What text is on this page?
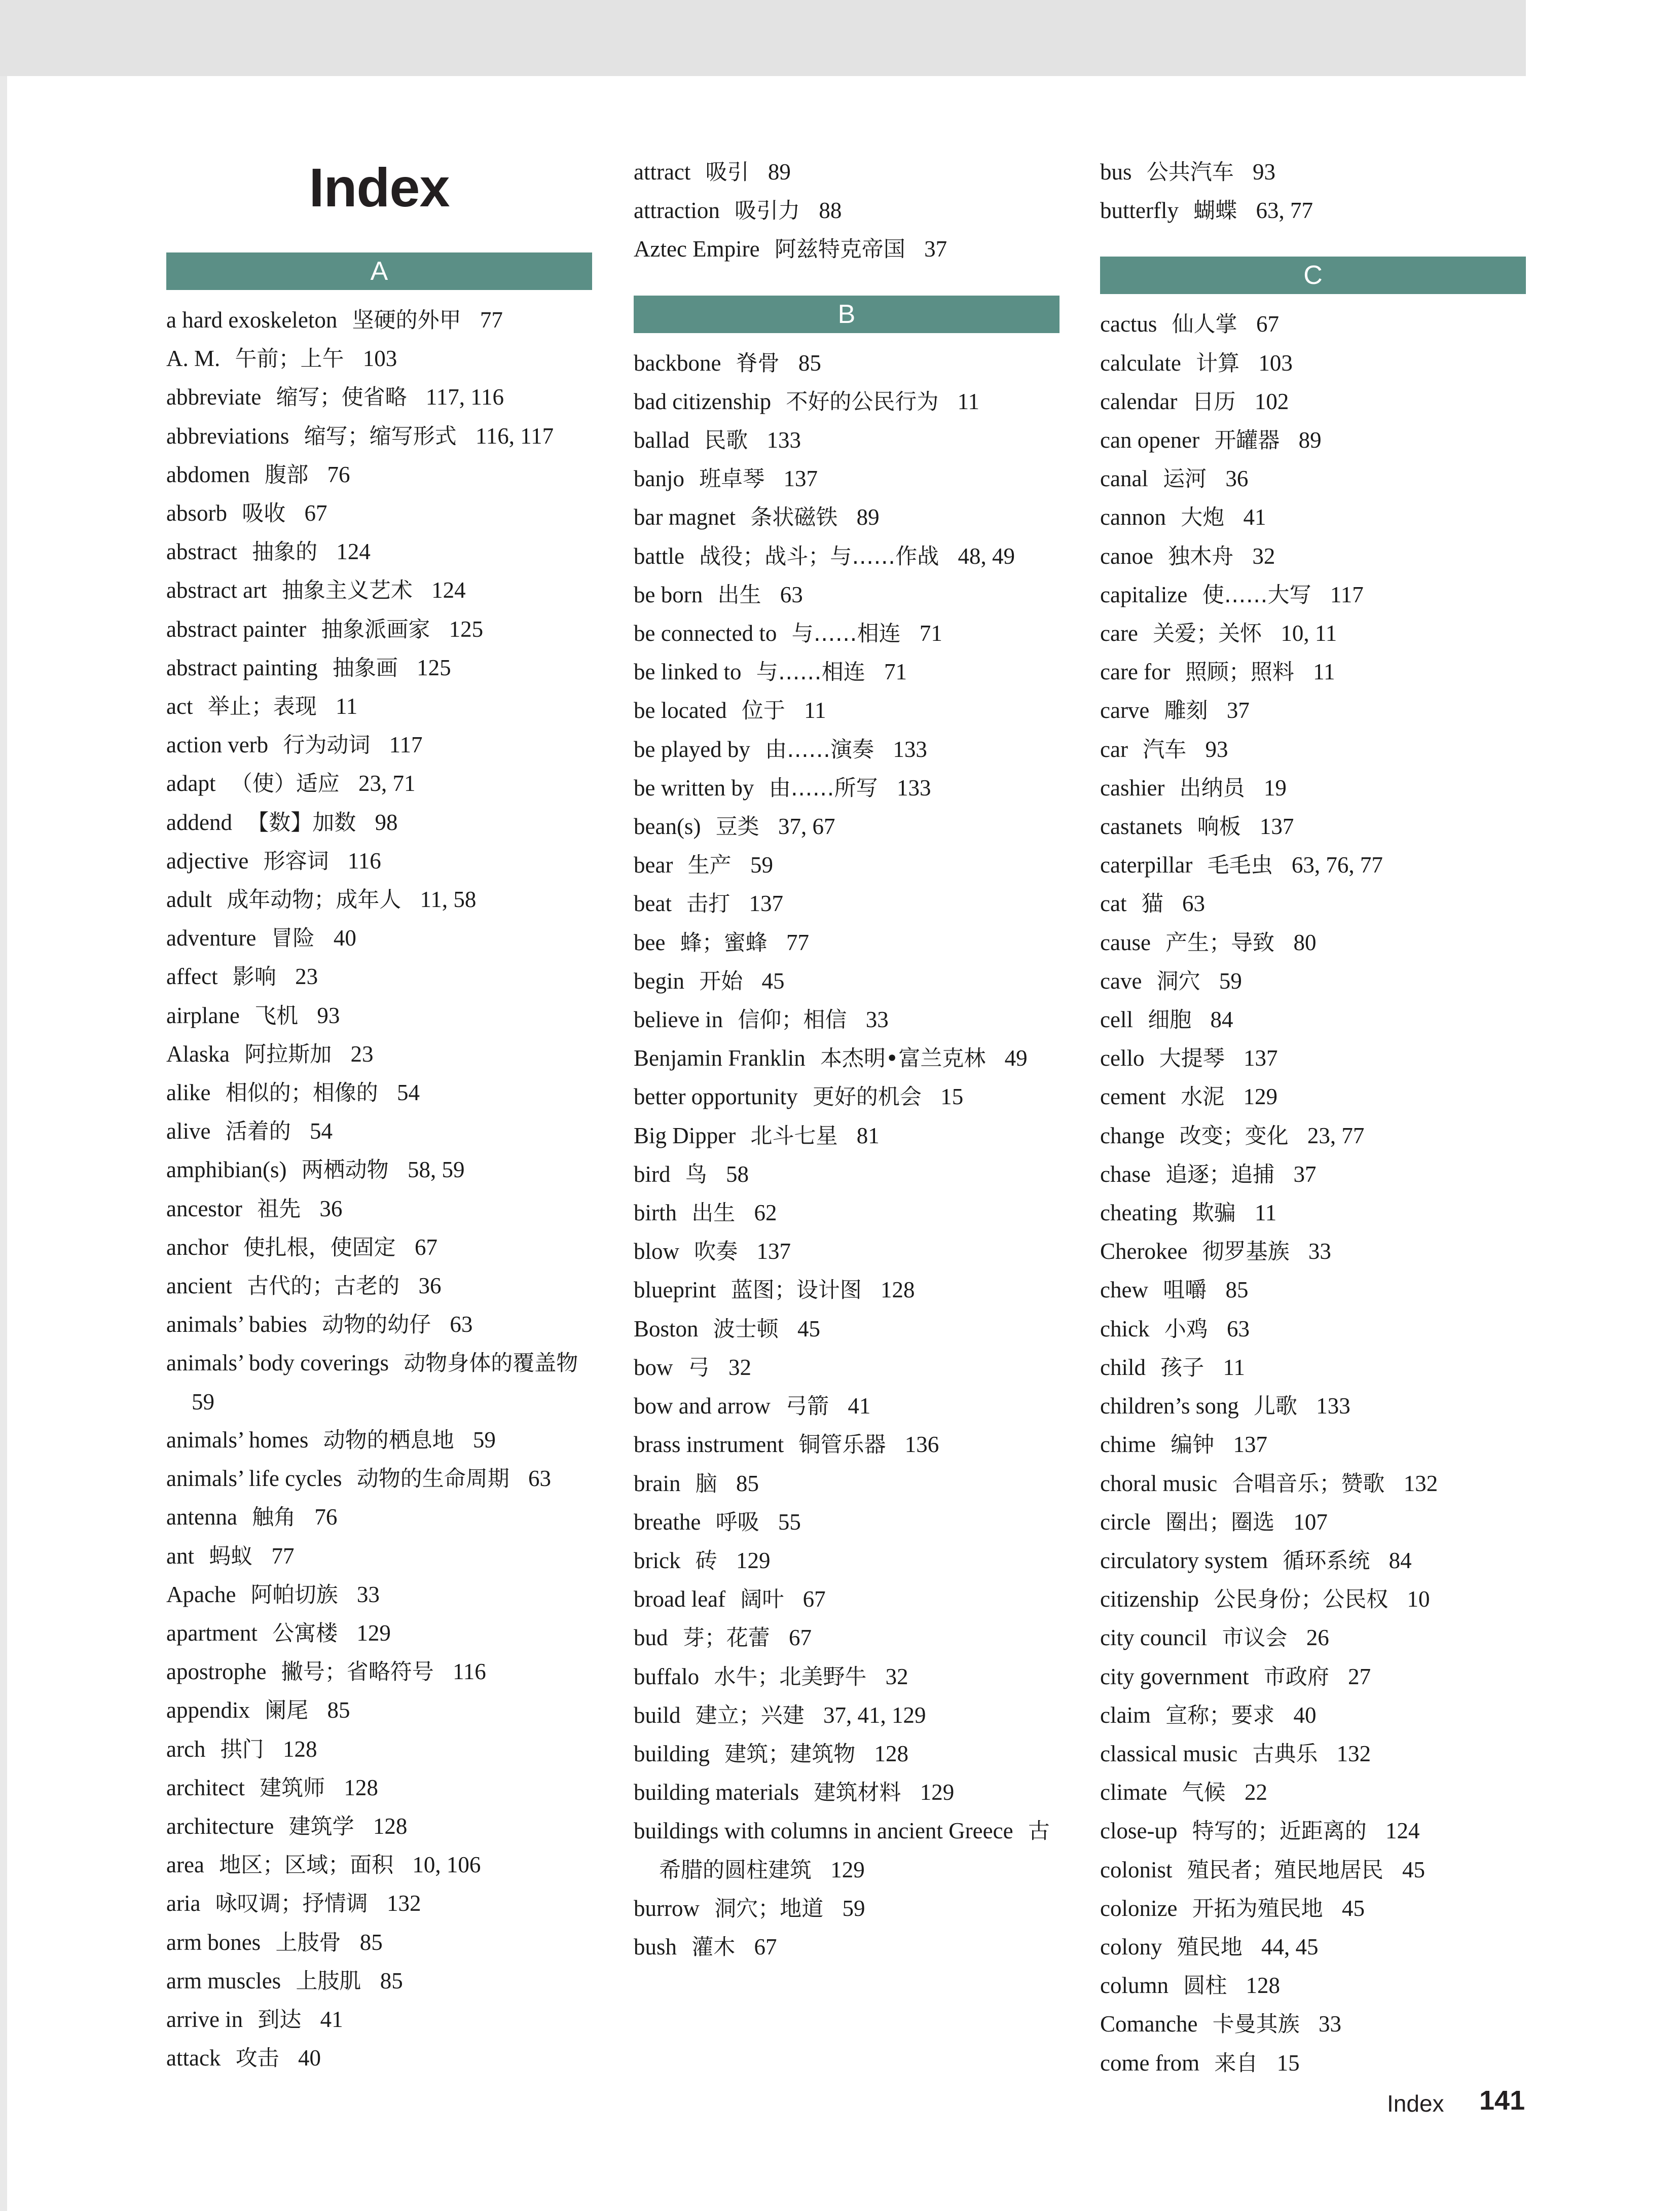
Index
A
a hard exoskeleton 坚硬的外甲 77
A. M. 午前；上午 103
abbreviate 缩写；使省略 117, 116
abbreviations 缩写；缩写形式 116, 117
abdomen 腹部 76
absorb 吸收 67
abstract 抽象的 124
abstract art 抽象主义艺术 124
abstract painter 抽象派画家 125
abstract painting 抽象画 125
act 举止；表现 11
action verb 行为动词 117
adapt （使）适应 23, 71
addend 【数】加数 98
adjective 形容词 116
adult 成年动物；成年人 11, 58
adventure 冒险 40
affect 影响 23
airplane 飞机 93
Alaska 阿拉斯加 23
alike 相似的；相像的 54
alive 活着的 54
amphibian(s) 两栖动物 58, 59
ancestor 祖先 36
anchor 使扎根，使固定 67
ancient 古代的；古老的 36
animals’ babies 动物的幼仔 63
animals’ body coverings 动物身体的覆盖物 59
animals’ homes 动物的栖息地 59
animals’ life cycles 动物的生命周期 63
antenna 触角 76
ant 蚂蚁 77
Apache 阿帕切族 33
apartment 公寓楼 129
apostrophe 撇号；省略符号 116
appendix 阑尾 85
arch 拱门 128
architect 建筑师 128
architecture 建筑学 128
area 地区；区域；面积 10, 106
aria 咏叹调；抒情调 132
arm bones 上肢骨 85
arm muscles 上肢肌 85
arrive in 到达 41
attack 攻击 40
attract 吸引 89
attraction 吸引力 88
Aztec Empire 阿兹特克帝国 37
B
backbone 脊骨 85
bad citizenship 不好的公民行为 11
ballad 民歌 133
banjo 班卓琴 137
bar magnet 条状磁铁 89
battle 战役；战斗；与……作战 48, 49
be born 出生 63
be connected to 与……相连 71
be linked to 与……相连 71
be located 位于 11
be played by 由……演奏 133
be written by 由……所写 133
bean(s) 豆类 37, 67
bear 生产 59
beat 击打 137
bee 蜂；蜜蜂 77
begin 开始 45
believe in 信仰；相信 33
Benjamin Franklin 本杰明•富兰克林 49
better opportunity 更好的机会 15
Big Dipper 北斗七星 81
bird 鸟 58
birth 出生 62
blow 吹奏 137
blueprint 蓝图；设计图 128
Boston 波士顿 45
bow 弓 32
bow and arrow 弓箭 41
brass instrument 铜管乐器 136
brain 脑 85
breathe 呼吸 55
brick 砖 129
broad leaf 阔叶 67
bud 芽；花蕾 67
buffalo 水牛；北美野牛 32
build 建立；兴建 37, 41, 129
building 建筑；建筑物 128
building materials 建筑材料 129
buildings with columns in ancient Greece 古希腊的圆柱建筑 129
burrow 洞穴；地道 59
bush 灌木 67
bus 公共汽车 93
butterfly 蝴蝶 63, 77
C
cactus 仙人掌 67
calculate 计算 103
calendar 日历 102
can opener 开罐器 89
canal 运河 36
cannon 大炮 41
canoe 独木舟 32
capitalize 使……大写 117
care 关爱；关怀 10, 11
care for 照顾；照料 11
carve 雕刻 37
car 汽车 93
cashier 出纳员 19
castanets 响板 137
caterpillar 毛毛虫 63, 76, 77
cat 猫 63
cause 产生；导致 80
cave 洞穴 59
cell 细胞 84
cello 大提琴 137
cement 水泥 129
change 改变；变化 23, 77
chase 追逐；追捕 37
cheating 欺骗 11
Cherokee 彻罗基族 33
chew 咀嚼 85
chick 小鸡 63
child 孩子 11
children’s song 儿歌 133
chime 编钟 137
choral music 合唱音乐；赞歌 132
circle 圈出；圈选 107
circulatory system 循环系统 84
citizenship 公民身份；公民权 10
city council 市议会 26
city government 市政府 27
claim 宣称；要求 40
classical music 古典乐 132
climate 气候 22
close-up 特写的；近距离的 124
colonist 殖民者；殖民地居民 45
colonize 开拓为殖民地 45
colony 殖民地 44, 45
column 圆柱 128
Comanche 卡曼其族 33
come from 来自 15
Index 141
